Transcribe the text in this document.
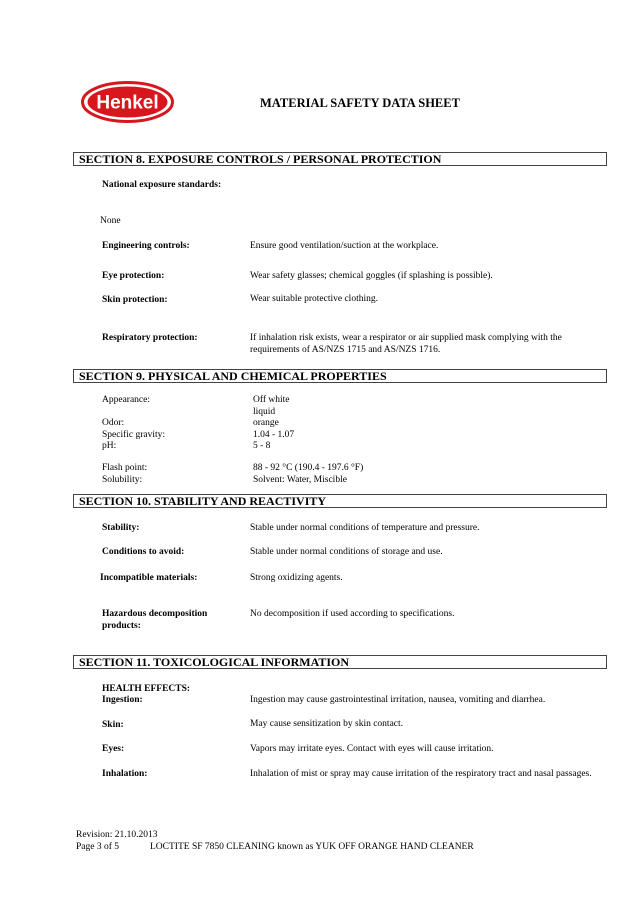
Henkel	MATERIAL SAFETY DATA SHEET
SECTION 8. EXPOSURE CONTROLS / PERSONAL PROTECTION
National exposure standards:
None
Engineering controls:	Ensure good ventilation/suction at the workplace.
Eye protection:	Wear safety glasses; chemical goggles (if splashing is possible).
Skin protection:	Wear suitable protective clothing.
Respiratory protection:	If inhalation risk exists, wear a respirator or air supplied mask complying with the requirements of AS/NZS 1715 and AS/NZS 1716.
SECTION 9. PHYSICAL AND CHEMICAL PROPERTIES
Appearance:	Off white
liquid
Odor:	orange
Specific gravity:	1.04 - 1.07
pH:	5 - 8
Flash point:	88 - 92 °C (190.4 - 197.6 °F)
Solubility:	Solvent: Water, Miscible
SECTION 10. STABILITY AND REACTIVITY
Stability:	Stable under normal conditions of temperature and pressure.
Conditions to avoid:	Stable under normal conditions of storage and use.
Incompatible materials:	Strong oxidizing agents.
Hazardous decomposition
products:
No decomposition if used according to specifications.
SECTION 11. TOXICOLOGICAL INFORMATION
HEALTH EFFECTS:
Ingestion:	Ingestion may cause gastrointestinal irritation, nausea, vomiting and diarrhea.
Skin:	May cause sensitization by skin contact.
Eyes:	Vapors may irritate eyes. Contact with eyes will cause irritation.
Inhalation:	Inhalation of mist or spray may cause irritation of the respiratory tract and nasal passages.
Revision: 21.10.2013
Page 3 of 5	LOCTITE SF 7850 CLEANING known as YUK OFF ORANGE HAND CLEANER
